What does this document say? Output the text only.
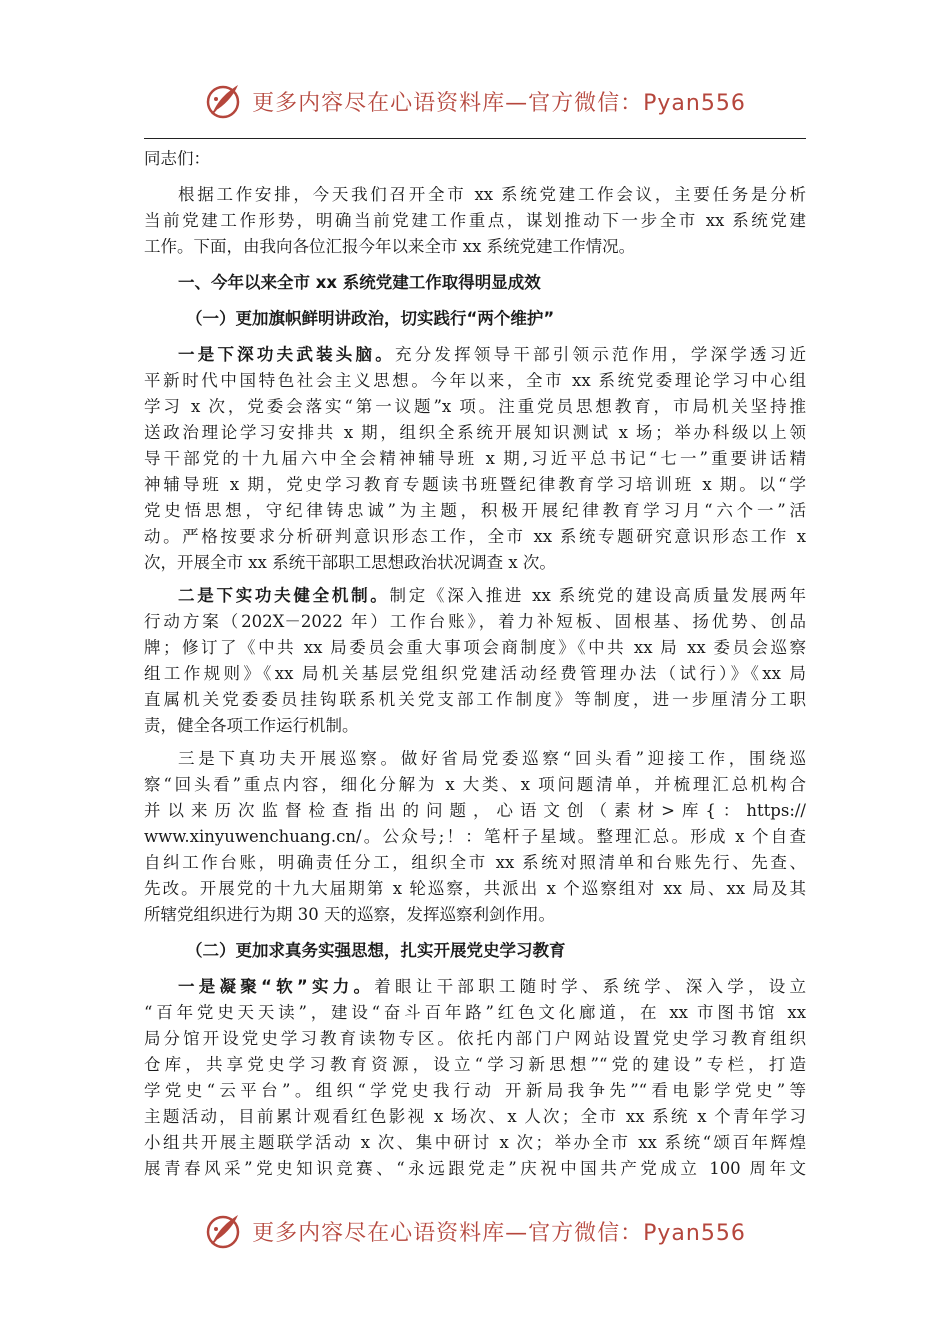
更多内容尽在心语资料库—官方微信：Pyan556
同志们：
根据工作安排，今天我们召开全市 xx 系统党建工作会议，主要任务是分析
当前党建工作形势，明确当前党建工作重点，谋划推动下一步全市 xx 系统党建
工作。下面，由我向各位汇报今年以来全市 xx 系统党建工作情况。
一、今年以来全市 xx 系统党建工作取得明显成效
（一）更加旗帜鲜明讲政治，切实践行“两个维护”
一是下深功夫武装头脑。充分发挥领导干部引领示范作用，学深学透习近
平新时代中国特色社会主义思想。今年以来，全市 xx 系统党委理论学习中心组
学习 x 次，党委会落实“第一议题”x 项。注重党员思想教育，市局机关坚持推
送政治理论学习安排共 x 期，组织全系统开展知识测试 x 场；举办科级以上领
导干部党的十九届六中全会精神辅导班 x 期,习近平总书记“七一”重要讲话精
神辅导班 x 期，党史学习教育专题读书班暨纪律教育学习培训班 x 期。以“学
党史悟思想，守纪律铸忠诚”为主题，积极开展纪律教育学习月“六个一”活
动。严格按要求分析研判意识形态工作，全市 xx 系统专题研究意识形态工作 x
次，开展全市 xx 系统干部职工思想政治状况调查 x 次。
二是下实功夫健全机制。制定《深入推进 xx 系统党的建设高质量发展两年
行动方案（202X－2022 年）工作台账》，着力补短板、固根基、扬优势、创品
牌；修订了《中共 xx 局委员会重大事项会商制度》《中共 xx 局 xx 委员会巡察
组工作规则》《xx 局机关基层党组织党建活动经费管理办法（试行）》《xx 局
直属机关党委委员挂钩联系机关党支部工作制度》等制度，进一步厘清分工职
责，健全各项工作运行机制。
三是下真功夫开展巡察。做好省局党委巡察“回头看”迎接工作，围绕巡
察“回头看”重点内容，细化分解为 x 大类、x 项问题清单，并梳理汇总机构合
并以来历次监督检查指出的问题，心语文创（素材>库{：https://
www.xinyuwenchuang.cn/。公众号;！：笔杆子星域。整理汇总。形成 x 个自查
自纠工作台账，明确责任分工，组织全市 xx 系统对照清单和台账先行、先查、
先改。开展党的十九大届期第 x 轮巡察，共派出 x 个巡察组对 xx 局、xx 局及其
所辖党组织进行为期 30 天的巡察，发挥巡察利剑作用。
（二）更加求真务实强思想，扎实开展党史学习教育
一是凝聚“软”实力。着眼让干部职工随时学、系统学、深入学，设立
“百年党史天天读”，建设“奋斗百年路”红色文化廊道，在 xx 市图书馆 xx
局分馆开设党史学习教育读物专区。依托内部门户网站设置党史学习教育组织
仓库，共享党史学习教育资源，设立“学习新思想”“党的建设”专栏，打造
学党史“云平台”。组织“学党史我行动 开新局我争先”“看电影学党史”等
主题活动，目前累计观看红色影视 x 场次、x 人次；全市 xx 系统 x 个青年学习
小组共开展主题联学活动 x 次、集中研讨 x 次；举办全市 xx 系统“颂百年辉煌
展青春风采”党史知识竞赛、“永远跟党走”庆祝中国共产党成立 100 周年文
更多内容尽在心语资料库—官方微信：Pyan556
